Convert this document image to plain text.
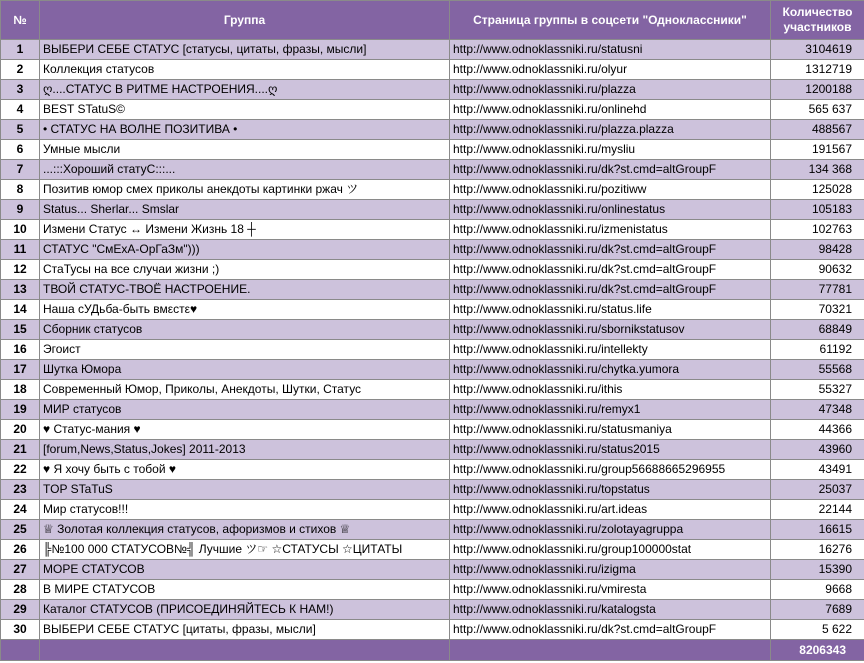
№	Группа	Страница группы в соцсети "Одноклассники"	Количество участников
1	ВЫБЕРИ СЕБЕ СТАТУС [статусы, цитаты, фразы, мысли]	http://www.odnoklassniki.ru/statusni	3104619
2	Коллекция статусов	http://www.odnoklassniki.ru/olyur	1312719
3	ღ....СТАТУС В РИТМЕ НАСТРОЕНИЯ....ღ	http://www.odnoklassniki.ru/plazza	1200188
4	BEST STatuS©	http://www.odnoklassniki.ru/onlinehd	565 637
5	• СТАТУС НА ВОЛНЕ ПОЗИТИВА •	http://www.odnoklassniki.ru/plazza.plazza	488567
6	Умные мысли	http://www.odnoklassniki.ru/mysliu	191567
7	...:::Хороший статуС:::...	http://www.odnoklassniki.ru/dk?st.cmd=altGroupF	134 368
8	Позитив юмор смех приколы анекдоты картинки ржач ツ	http://www.odnoklassniki.ru/pozitiww	125028
9	Status... Sherlar... Smslar	http://www.odnoklassniki.ru/onlinestatus	105183
10	Измени Статус ↔ Измени Жизнь 18 ┼	http://www.odnoklassniki.ru/izmenistatus	102763
11	СТАТУС "СмЕхА-ОрГаЗм")))	http://www.odnoklassniki.ru/dk?st.cmd=altGroupF	98428
12	СтаТусы на все случаи жизни ;)	http://www.odnoklassniki.ru/dk?st.cmd=altGroupF	90632
13	ТВОЙ СТАТУС-ТВОЁ НАСТРОЕНИЕ.	http://www.odnoklassniki.ru/dk?st.cmd=altGroupF	77781
14	Наша сУДьба-быть вмεстε♥	http://www.odnoklassniki.ru/status.life	70321
15	Сборник статусов	http://www.odnoklassniki.ru/sbornikstatusov	68849
16	Эгоист	http://www.odnoklassniki.ru/intellekty	61192
17	Шутка Юмора	http://www.odnoklassniki.ru/chytka.yumora	55568
18	Современный Юмор, Приколы, Анекдоты, Шутки, Статус	http://www.odnoklassniki.ru/ithis	55327
19	МИР статусов	http://www.odnoklassniki.ru/remyx1	47348
20	♥ Статус-мания ♥	http://www.odnoklassniki.ru/statusmaniya	44366
21	[forum,News,Status,Jokes] 2011-2013	http://www.odnoklassniki.ru/status2015	43960
22	♥ Я хочу быть с тобой ♥	http://www.odnoklassniki.ru/group56688665296955	43491
23	TOP STaTuS	http://www.odnoklassniki.ru/topstatus	25037
24	Мир статусов!!!	http://www.odnoklassniki.ru/art.ideas	22144
25	♕ Золотая коллекция статусов, афоризмов и стихов ♕	http://www.odnoklassniki.ru/zolotayagruppa	16615
26	╠№100 000 СТАТУСОВ№╣ Лучшие ツ☞ ☆СТАТУСЫ ☆ЦИТАТЫ	http://www.odnoklassniki.ru/group100000stat	16276
27	МОРЕ СТАТУСОВ	http://www.odnoklassniki.ru/izigma	15390
28	В МИРЕ СТАТУСОВ	http://www.odnoklassniki.ru/vmiresta	9668
29	Каталог СТАТУСОВ (ПРИСОЕДИНЯЙТЕСЬ К НАМ!)	http://www.odnoklassniki.ru/katalogsta	7689
30	ВЫБЕРИ СЕБЕ СТАТУС [цитаты, фразы, мысли]	http://www.odnoklassniki.ru/dk?st.cmd=altGroupF	5 622
			8206343
